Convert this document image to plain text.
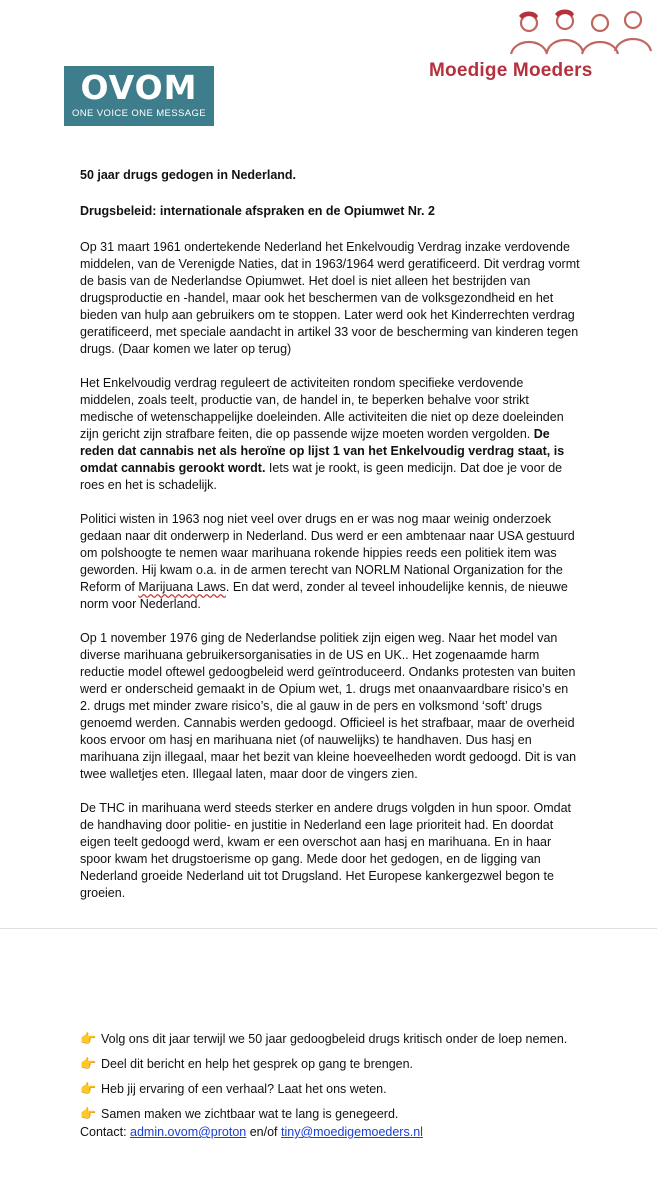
OVOM
ONE VOICE ONE MESSAGE
Moedige Moeders

50 jaar drugs gedogen in Nederland.

Drugsbeleid: internationale afspraken en de Opiumwet Nr. 2

Op 31 maart 1961 ondertekende Nederland het Enkelvoudig Verdrag inzake verdovende middelen, van de Verenigde Naties, dat in 1963/1964 werd geratificeerd. Dit verdrag vormt de basis van de Nederlandse Opiumwet. Het doel is niet alleen het bestrijden van drugsproductie en -handel, maar ook het beschermen van de volksgezondheid en het bieden van hulp aan gebruikers om te stoppen. Later werd ook het Kinderrechten verdrag geratificeerd, met speciale aandacht in artikel 33 voor de bescherming van kinderen tegen drugs. (Daar komen we later op terug)

Het Enkelvoudig verdrag reguleert de activiteiten rondom specifieke verdovende middelen, zoals teelt, productie van, de handel in, te beperken behalve voor strikt medische of wetenschappelijke doeleinden. Alle activiteiten die niet op deze doeleinden zijn gericht zijn strafbare feiten, die op passende wijze moeten worden vergolden. De reden dat cannabis net als heroïne op lijst 1 van het Enkelvoudig verdrag staat, is omdat cannabis gerookt wordt. Iets wat je rookt, is geen medicijn. Dat doe je voor de roes en het is schadelijk.

Politici wisten in 1963 nog niet veel over drugs en er was nog maar weinig onderzoek gedaan naar dit onderwerp in Nederland. Dus werd er een ambtenaar naar USA gestuurd om polshoogte te nemen waar marihuana rokende hippies reeds een politiek item was geworden. Hij kwam o.a. in de armen terecht van NORLM National Organization for the Reform of Marijuana Laws. En dat werd, zonder al teveel inhoudelijke kennis, de nieuwe norm voor Nederland.

Op 1 november 1976 ging de Nederlandse politiek zijn eigen weg. Naar het model van diverse marihuana gebruikersorganisaties in de US en UK.. Het zogenaamde harm reductie model oftewel gedoogbeleid werd geïntroduceerd. Ondanks protesten van buiten werd er onderscheid gemaakt in de Opium wet, 1. drugs met onaanvaardbare risico’s en 2. drugs met minder zware risico’s, die al gauw in de pers en volksmond ‘soft’ drugs genoemd werden. Cannabis werden gedoogd. Officieel is het strafbaar, maar de overheid koos ervoor om hasj en marihuana niet (of nauwelijks) te handhaven. Dus hasj en marihuana zijn illegaal, maar het bezit van kleine hoeveelheden wordt gedoogd. Dit is van twee walletjes eten. Illegaal laten, maar door de vingers zien.

De THC in marihuana werd steeds sterker en andere drugs volgden in hun spoor. Omdat de handhaving door politie- en justitie in Nederland een lage prioriteit had. En doordat eigen teelt gedoogd werd, kwam er een overschot aan hasj en marihuana. En in haar spoor kwam het drugstoerisme op gang. Mede door het gedogen, en de ligging van Nederland groeide Nederland uit tot Drugsland. Het Europese kankergezwel begon te groeien.

👉 Volg ons dit jaar terwijl we 50 jaar gedoogbeleid drugs kritisch onder de loep nemen.
👉 Deel dit bericht en help het gesprek op gang te brengen.
👉 Heb jij ervaring of een verhaal? Laat het ons weten.
👉 Samen maken we zichtbaar wat te lang is genegeerd.
Contact: admin.ovom@proton en/of tiny@moedigemoeders.nl
